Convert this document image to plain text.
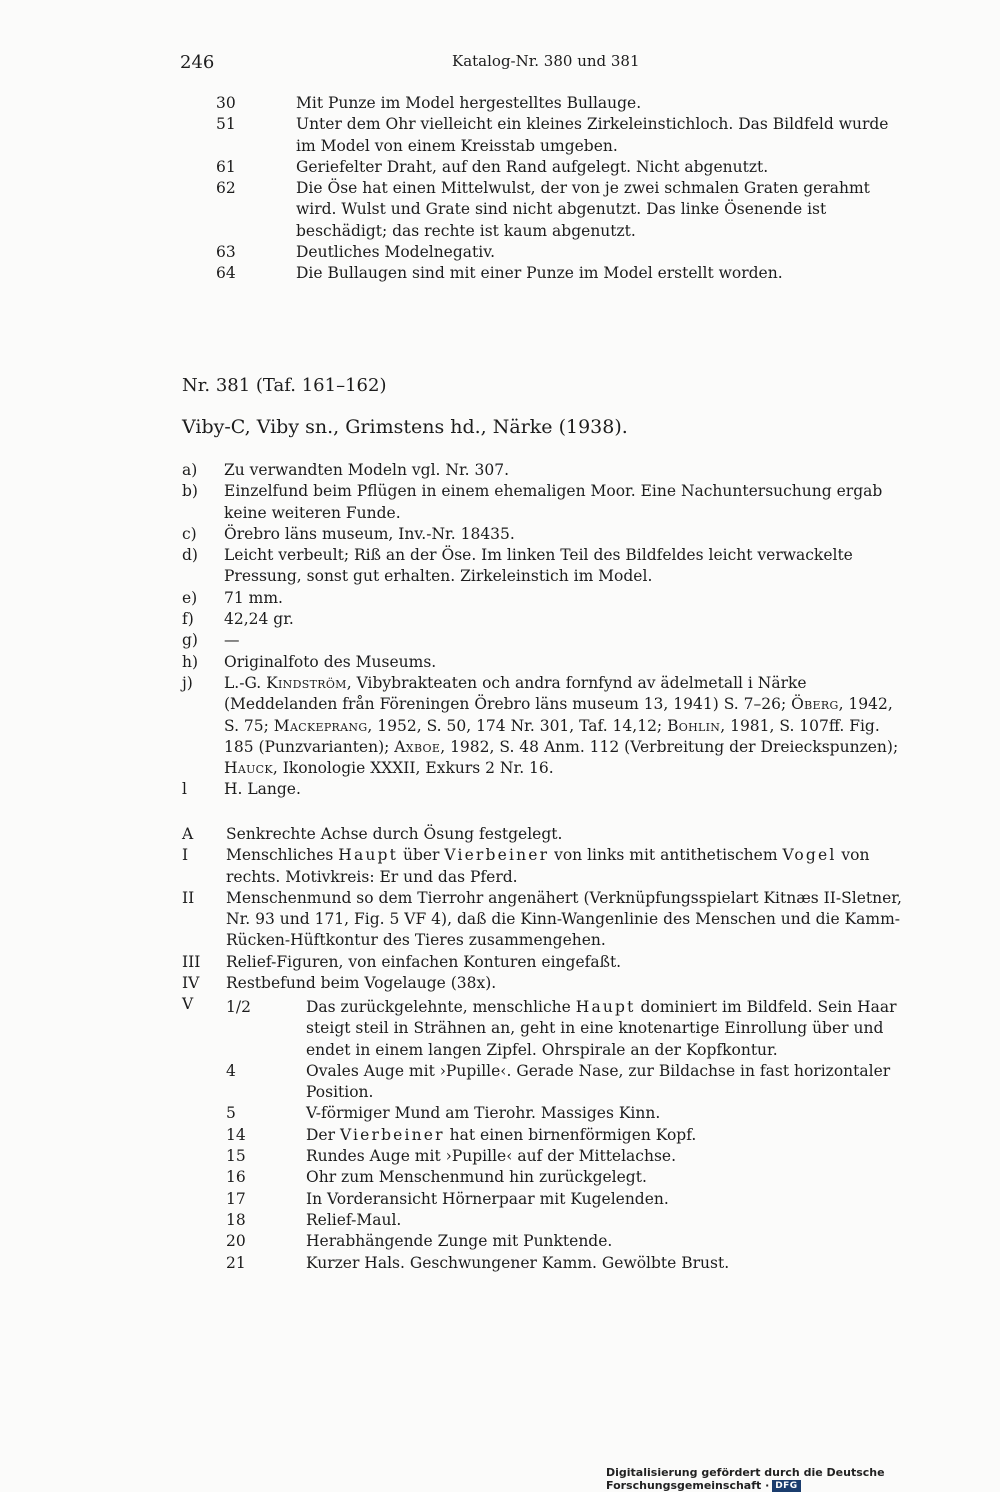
246	Katalog-Nr. 380 und 381
30	Mit Punze im Model hergestelltes Bullauge.
51	Unter dem Ohr vielleicht ein kleines Zirkeleinstichloch. Das Bildfeld wurde im Model von einem Kreisstab umgeben.
61	Geriefelter Draht, auf den Rand aufgelegt. Nicht abgenutzt.
62	Die Öse hat einen Mittelwulst, der von je zwei schmalen Graten gerahmt wird. Wulst und Grate sind nicht abgenutzt. Das linke Ösenende ist beschädigt; das rechte ist kaum abgenutzt.
63	Deutliches Modelnegativ.
64	Die Bullaugen sind mit einer Punze im Model erstellt worden.
Nr. 381 (Taf. 161–162)
Viby-C, Viby sn., Grimstens hd., Närke (1938).
a)	Zu verwandten Modeln vgl. Nr. 307.
b)	Einzelfund beim Pflügen in einem ehemaligen Moor. Eine Nachuntersuchung ergab keine weiteren Funde.
c)	Örebro läns museum, Inv.-Nr. 18435.
d)	Leicht verbeult; Riß an der Öse. Im linken Teil des Bildfeldes leicht verwackelte Pressung, sonst gut erhalten. Zirkeleinstich im Model.
e)	71 mm.
f)	42,24 gr.
g)	—
h)	Originalfoto des Museums.
j)	L.-G. Kindström, Vibybrakteaten och andra fornfynd av ädelmetall i Närke (Meddelanden från Föreningen Örebro läns museum 13, 1941) S. 7–26; Öberg, 1942, S. 75; Mackeprang, 1952, S. 50, 174 Nr. 301, Taf. 14,12; Bohlin, 1981, S. 107ff. Fig. 185 (Punzvarianten); Axboe, 1982, S. 48 Anm. 112 (Verbreitung der Dreieckspunzen); Hauck, Ikonologie XXXII, Exkurs 2 Nr. 16.
l	H. Lange.
A	Senkrechte Achse durch Ösung festgelegt.
I	Menschliches Haupt über Vierbeiner von links mit antithetischem Vogel von rechts. Motivkreis: Er und das Pferd.
II	Menschenmund so dem Tierrohr angenähert (Verknüpfungsspielart Kitnæs II-Sletner, Nr. 93 und 171, Fig. 5 VF 4), daß die Kinn-Wangenlinie des Menschen und die Kamm-Rücken-Hüftkontur des Tieres zusammengehen.
III	Relief-Figuren, von einfachen Konturen eingefaßt.
IV	Restbefund beim Vogelauge (38x).
V	1/2	Das zurückgelehnte, menschliche Haupt dominiert im Bildfeld. Sein Haar steigt steil in Strähnen an, geht in eine knotenartige Einrollung über und endet in einem langen Zipfel. Ohrspirale an der Kopfkontur.
4	Ovales Auge mit ›Pupille‹. Gerade Nase, zur Bildachse in fast horizontaler Position.
5	V-förmiger Mund am Tierohr. Massiges Kinn.
14	Der Vierbeiner hat einen birnenförmigen Kopf.
15	Rundes Auge mit ›Pupille‹ auf der Mittelachse.
16	Ohr zum Menschenmund hin zurückgelegt.
17	In Vorderansicht Hörnerpaar mit Kugelenden.
18	Relief-Maul.
20	Herabhängende Zunge mit Punktende.
21	Kurzer Hals. Geschwungener Kamm. Gewölbte Brust.
Digitalisierung gefördert durch die Deutsche Forschungsgemeinschaft · DFG
